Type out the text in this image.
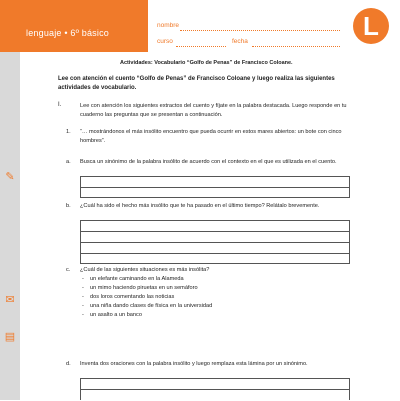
✎
✉
▤
lenguaje • 6º básico
nombre
curso	fecha
L
Actividades: Vocabulario “Golfo de Penas” de Francisco Coloane.
Lee con atención el cuento “Golfo de Penas” de Francisco Coloane y luego realiza las siguientes actividades de vocabulario.
I.	Lee con atención los siguientes extractos del cuento y fíjate en la palabra destacada. Luego responde en tu cuaderno las preguntas que se presentan a continuación.
1. “… mostrándonos el más insólito encuentro que pueda ocurrir en estos mares abiertos: un bote con cinco hombres”.
a. Busca un sinónimo de la palabra insólito de acuerdo con el contexto en el que es utilizada en el cuento.
b. ¿Cuál ha sido el hecho más insólito que te ha pasado en el último tiempo? Relátalo brevemente.
c. ¿Cuál de las siguientes situaciones es más insólita?
- un elefante caminando en la Alameda
- un mimo haciendo piruetas en un semáforo
- dos loros comentando las noticias
- una niña dando clases de física en la universidad
- un asalto a un banco
d. Inventa dos oraciones con la palabra insólito y luego remplaza esta lámina por un sinónimo.
